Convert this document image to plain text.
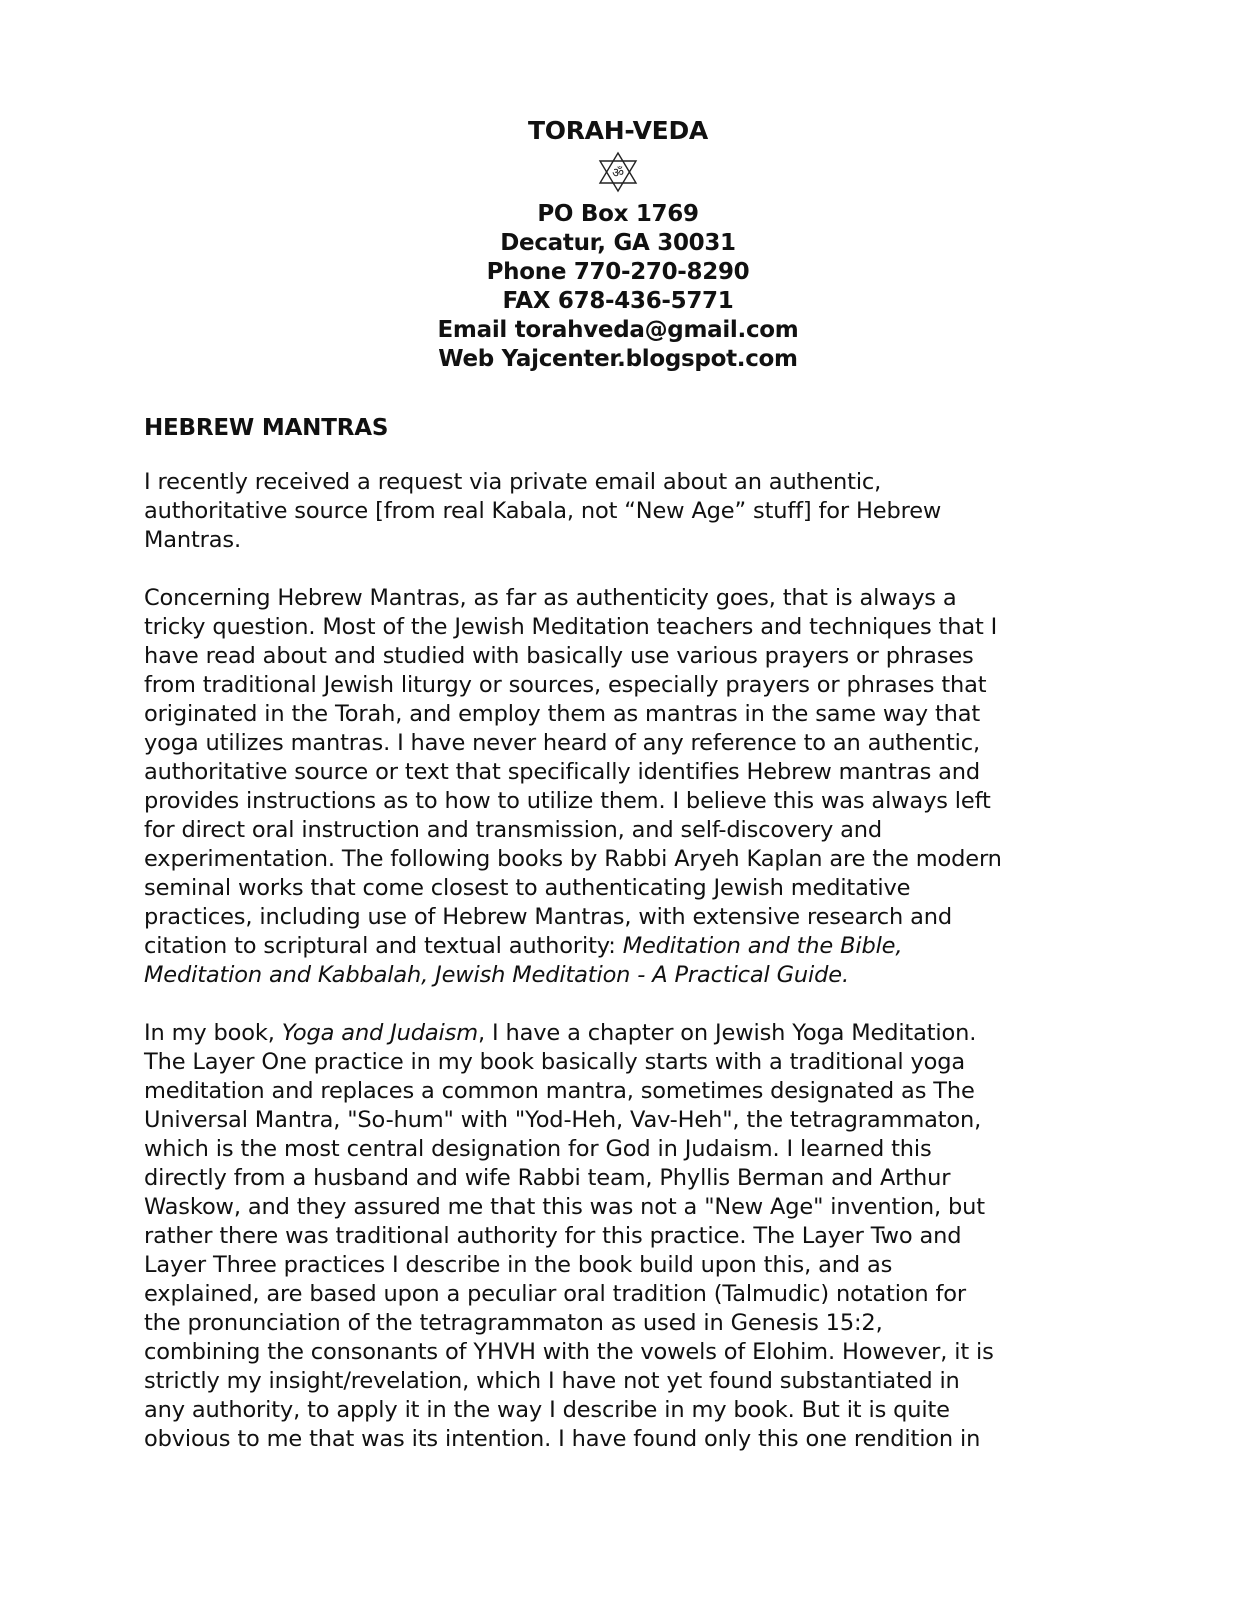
TORAH-VEDA

ॐ

PO Box 1769

Decatur, GA 30031

Phone 770-270-8290

FAX 678-436-5771

Email torahveda@gmail.com

Web Yajcenter.blogspot.com

HEBREW MANTRAS

I recently received a request via private email about an authentic,
authoritative source [from real Kabala, not “New Age” stuff] for Hebrew
Mantras.

Concerning Hebrew Mantras, as far as authenticity goes, that is always a
tricky question. Most of the Jewish Meditation teachers and techniques that I
have read about and studied with basically use various prayers or phrases
from traditional Jewish liturgy or sources, especially prayers or phrases that
originated in the Torah, and employ them as mantras in the same way that
yoga utilizes mantras. I have never heard of any reference to an authentic,
authoritative source or text that specifically identifies Hebrew mantras and
provides instructions as to how to utilize them. I believe this was always left
for direct oral instruction and transmission, and self-discovery and
experimentation. The following books by Rabbi Aryeh Kaplan are the modern
seminal works that come closest to authenticating Jewish meditative
practices, including use of Hebrew Mantras, with extensive research and
citation to scriptural and textual authority: Meditation and the Bible,
Meditation and Kabbalah, Jewish Meditation - A Practical Guide.

In my book, Yoga and Judaism, I have a chapter on Jewish Yoga Meditation.
The Layer One practice in my book basically starts with a traditional yoga
meditation and replaces a common mantra, sometimes designated as The
Universal Mantra, "So-hum" with "Yod-Heh, Vav-Heh", the tetragrammaton,
which is the most central designation for God in Judaism. I learned this
directly from a husband and wife Rabbi team, Phyllis Berman and Arthur
Waskow, and they assured me that this was not a "New Age" invention, but
rather there was traditional authority for this practice. The Layer Two and
Layer Three practices I describe in the book build upon this, and as
explained, are based upon a peculiar oral tradition (Talmudic) notation for
the pronunciation of the tetragrammaton as used in Genesis 15:2,
combining the consonants of YHVH with the vowels of Elohim. However, it is
strictly my insight/revelation, which I have not yet found substantiated in
any authority, to apply it in the way I describe in my book. But it is quite
obvious to me that was its intention. I have found only this one rendition in
